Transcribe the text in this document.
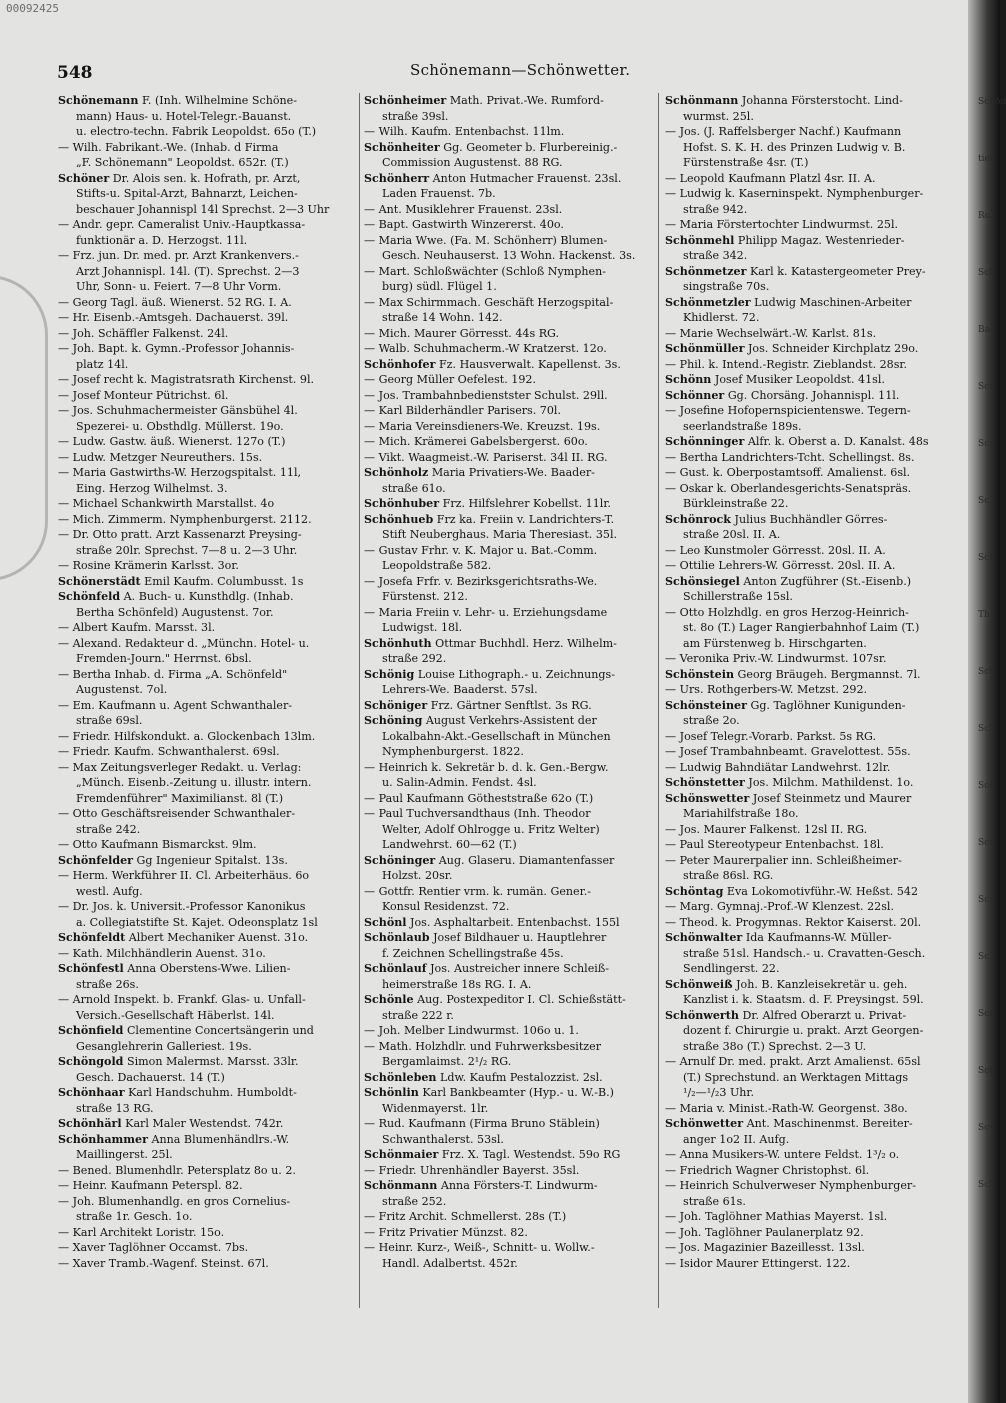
00092425
548	Schönemann—Schönwetter.
Schönemann F. (Inh. Wilhelmine Schöne-
mann) Haus- u. Hotel-Telegr.-Bauanst.
u. electro-techn. Fabrik Leopoldst. 65o (T.)
— Wilh. Fabrikant.-We. (Inhab. d Firma
„F. Schönemann" Leopoldst. 652r. (T.)
Schöner Dr. Alois sen. k. Hofrath, pr. Arzt,
Stifts-u. Spital-Arzt, Bahnarzt, Leichen-
beschauer Johannispl 14l Sprechst. 2—3 Uhr
— Andr. gepr. Cameralist Univ.-Hauptkassa-
funktionär a. D. Herzogst. 11l.
— Frz. jun. Dr. med. pr. Arzt Krankenvers.-
Arzt Johannispl. 14l. (T). Sprechst. 2—3
Uhr, Sonn- u. Feiert. 7—8 Uhr Vorm.
— Georg Tagl. äuß. Wienerst. 52 RG. I. A.
— Hr. Eisenb.-Amtsgeh. Dachauerst. 39l.
— Joh. Schäffler Falkenst. 24l.
— Joh. Bapt. k. Gymn.-Professor Johannis-
platz 14l.
— Josef recht k. Magistratsrath Kirchenst. 9l.
— Josef Monteur Pütrichst. 6l.
— Jos. Schuhmachermeister Gänsbühel 4l.
Spezerei- u. Obsthdlg. Müllerst. 19o.
— Ludw. Gastw. äuß. Wienerst. 127o (T.)
— Ludw. Metzger Neureuthers. 15s.
— Maria Gastwirths-W. Herzogspitalst. 11l,
Eing. Herzog Wilhelmst. 3.
— Michael Schankwirth Marstallst. 4o
— Mich. Zimmerm. Nymphenburgerst. 2112.
— Dr. Otto pratt. Arzt Kassenarzt Preysing-
straße 20lr. Sprechst. 7—8 u. 2—3 Uhr.
— Rosine Krämerin Karlsst. 3or.
Schönerstädt Emil Kaufm. Columbusst. 1s
Schönfeld A. Buch- u. Kunsthdlg. (Inhab.
Bertha Schönfeld) Augustenst. 7or.
— Albert Kaufm. Marsst. 3l.
— Alexand. Redakteur d. „Münchn. Hotel- u.
Fremden-Journ." Herrnst. 6bsl.
— Bertha Inhab. d. Firma „A. Schönfeld"
Augustenst. 7ol.
— Em. Kaufmann u. Agent Schwanthaler-
straße 69sl.
— Friedr. Hilfskondukt. a. Glockenbach 13lm.
— Friedr. Kaufm. Schwanthalerst. 69sl.
— Max Zeitungsverleger Redakt. u. Verlag:
„Münch. Eisenb.-Zeitung u. illustr. intern.
Fremdenführer" Maximilianst. 8l (T.)
— Otto Geschäftsreisender Schwanthaler-
straße 242.
— Otto Kaufmann Bismarckst. 9lm.
Schönfelder Gg Ingenieur Spitalst. 13s.
— Herm. Werkführer II. Cl. Arbeiterhäus. 6o
westl. Aufg.
— Dr. Jos. k. Universit.-Professor Kanonikus
a. Collegiatstifte St. Kajet. Odeonsplatz 1sl
Schönfeldt Albert Mechaniker Auenst. 31o.
— Kath. Milchhändlerin Auenst. 31o.
Schönfestl Anna Oberstens-Wwe. Lilien-
straße 26s.
— Arnold Inspekt. b. Frankf. Glas- u. Unfall-
Versich.-Gesellschaft Häberlst. 14l.
Schönfield Clementine Concertsängerin und
Gesanglehrerin Galleriest. 19s.
Schöngold Simon Malermst. Marsst. 33lr.
Gesch. Dachauerst. 14 (T.)
Schönhaar Karl Handschuhm. Humboldt-
straße 13 RG.
Schönhärl Karl Maler Westendst. 742r.
Schönhammer Anna Blumenhändlrs.-W.
Maillingerst. 25l.
— Bened. Blumenhdlr. Petersplatz 8o u. 2.
— Heinr. Kaufmann Peterspl. 82.
— Joh. Blumenhandlg. en gros Cornelius-
straße 1r. Gesch. 1o.
— Karl Architekt Loristr. 15o.
— Xaver Taglöhner Occamst. 7bs.
— Xaver Tramb.-Wagenf. Steinst. 67l.
Schönheimer Math. Privat.-We. Rumford-
straße 39sl.
— Wilh. Kaufm. Entenbachst. 11lm.
Schönheiter Gg. Geometer b. Flurbereinig.-
Commission Augustenst. 88 RG.
Schönherr Anton Hutmacher Frauenst. 23sl.
Laden Frauenst. 7b.
— Ant. Musiklehrer Frauenst. 23sl.
— Bapt. Gastwirth Winzererst. 40o.
— Maria Wwe. (Fa. M. Schönherr) Blumen-
Gesch. Neuhauserst. 13 Wohn. Hackenst. 3s.
— Mart. Schloßwächter (Schloß Nymphen-
burg) südl. Flügel 1.
— Max Schirmmach. Geschäft Herzogspital-
straße 14 Wohn. 142.
— Mich. Maurer Görresst. 44s RG.
— Walb. Schuhmacherm.-W Kratzerst. 12o.
Schönhofer Fz. Hausverwalt. Kapellenst. 3s.
— Georg Müller Oefelest. 192.
— Jos. Trambahnbedienstster Schulst. 29ll.
— Karl Bilderhändler Parisers. 70l.
— Maria Vereinsdieners-We. Kreuzst. 19s.
— Mich. Krämerei Gabelsbergerst. 60o.
— Vikt. Waagmeist.-W. Pariserst. 34l II. RG.
Schönholz Maria Privatiers-We. Baader-
straße 61o.
Schönhuber Frz. Hilfslehrer Kobellst. 11lr.
Schönhueb Frz ka. Freiin v. Landrichters-T.
Stift Neuberghaus. Maria Theresiast. 35l.
— Gustav Frhr. v. K. Major u. Bat.-Comm.
Leopoldstraße 582.
— Josefa Frfr. v. Bezirksgerichtsraths-We.
Fürstenst. 212.
— Maria Freiin v. Lehr- u. Erziehungsdame
Ludwigst. 18l.
Schönhuth Ottmar Buchhdl. Herz. Wilhelm-
straße 292.
Schönig Louise Lithograph.- u. Zeichnungs-
Lehrers-We. Baaderst. 57sl.
Schöniger Frz. Gärtner Senftlst. 3s RG.
Schöning August Verkehrs-Assistent der
Lokalbahn-Akt.-Gesellschaft in München
Nymphenburgerst. 1822.
— Heinrich k. Sekretär b. d. k. Gen.-Bergw.
u. Salin-Admin. Fendst. 4sl.
— Paul Kaufmann Götheststraße 62o (T.)
— Paul Tuchversandthaus (Inh. Theodor
Welter, Adolf Ohlrogge u. Fritz Welter)
Landwehrst. 60—62 (T.)
Schöninger Aug. Glaseru. Diamantenfasser
Holzst. 20sr.
— Gottfr. Rentier vrm. k. rumän. Gener.-
Konsul Residenzst. 72.
Schönl Jos. Asphaltarbeit. Entenbachst. 155l
Schönlaub Josef Bildhauer u. Hauptlehrer
f. Zeichnen Schellingstraße 45s.
Schönlauf Jos. Austreicher innere Schleiß-
heimerstraße 18s RG. I. A.
Schönle Aug. Postexpeditor I. Cl. Schießstätt-
straße 222 r.
— Joh. Melber Lindwurmst. 106o u. 1.
— Math. Holzhdlr. und Fuhrwerksbesitzer
Bergamlaimst. 2¹/₂ RG.
Schönleben Ldw. Kaufm Pestalozzist. 2sl.
Schönlin Karl Bankbeamter (Hyp.- u. W.-B.)
Widenmayerst. 1lr.
— Rud. Kaufmann (Firma Bruno Stäblein)
Schwanthalerst. 53sl.
Schönmaier Frz. X. Tagl. Westendst. 59o RG
— Friedr. Uhrenhändler Bayerst. 35sl.
Schönmann Anna Försters-T. Lindwurm-
straße 252.
— Fritz Archit. Schmellerst. 28s (T.)
— Fritz Privatier Münzst. 82.
— Heinr. Kurz-, Weiß-, Schnitt- u. Wollw.-
Handl. Adalbertst. 452r.
Schönmann Johanna Försterstocht. Lind-
wurmst. 25l.
— Jos. (J. Raffelsberger Nachf.) Kaufmann
Hofst. S. K. H. des Prinzen Ludwig v. B.
Fürstenstraße 4sr. (T.)
— Leopold Kaufmann Platzl 4sr. II. A.
— Ludwig k. Kaserninspekt. Nymphenburger-
straße 942.
— Maria Förstertochter Lindwurmst. 25l.
Schönmehl Philipp Magaz. Westenrieder-
straße 342.
Schönmetzer Karl k. Katastergeometer Prey-
singstraße 70s.
Schönmetzler Ludwig Maschinen-Arbeiter
Khidlerst. 72.
— Marie Wechselwärt.-W. Karlst. 81s.
Schönmüller Jos. Schneider Kirchplatz 29o.
— Phil. k. Intend.-Registr. Zieblandst. 28sr.
Schönn Josef Musiker Leopoldst. 41sl.
Schönner Gg. Chorsäng. Johannispl. 11l.
— Josefine Hofopernspicientenswe. Tegern-
seerlandstraße 189s.
Schönninger Alfr. k. Oberst a. D. Kanalst. 48s
— Bertha Landrichters-Tcht. Schellingst. 8s.
— Gust. k. Oberpostamtsoff. Amalienst. 6sl.
— Oskar k. Oberlandesgerichts-Senatspräs.
Bürkleinstraße 22.
Schönrock Julius Buchhändler Görres-
straße 20sl. II. A.
— Leo Kunstmoler Görresst. 20sl. II. A.
— Ottilie Lehrers-W. Görresst. 20sl. II. A.
Schönsiegel Anton Zugführer (St.-Eisenb.)
Schillerstraße 15sl.
— Otto Holzhdlg. en gros Herzog-Heinrich-
st. 8o (T.) Lager Rangierbahnhof Laim (T.)
am Fürstenweg b. Hirschgarten.
— Veronika Priv.-W. Lindwurmst. 107sr.
Schönstein Georg Bräugeh. Bergmannst. 7l.
— Urs. Rothgerbers-W. Metzst. 292.
Schönsteiner Gg. Taglöhner Kunigunden-
straße 2o.
— Josef Telegr.-Vorarb. Parkst. 5s RG.
— Josef Trambahnbeamt. Gravelottest. 55s.
— Ludwig Bahndiätar Landwehrst. 12lr.
Schönstetter Jos. Milchm. Mathildenst. 1o.
Schönswetter Josef Steinmetz und Maurer
Mariahilfstraße 18o.
— Jos. Maurer Falkenst. 12sl II. RG.
— Paul Stereotypeur Entenbachst. 18l.
— Peter Maurerpalier inn. Schleißheimer-
straße 86sl. RG.
Schöntag Eva Lokomotivführ.-W. Heßst. 542
— Marg. Gymnaj.-Prof.-W Klenzest. 22sl.
— Theod. k. Progymnas. Rektor Kaiserst. 20l.
Schönwalter Ida Kaufmanns-W. Müller-
straße 51sl. Handsch.- u. Cravatten-Gesch.
Sendlingerst. 22.
Schönweiß Joh. B. Kanzleisekretär u. geh.
Kanzlist i. k. Staatsm. d. F. Preysingst. 59l.
Schönwerth Dr. Alfred Oberarzt u. Privat-
dozent f. Chirurgie u. prakt. Arzt Georgen-
straße 38o (T.) Sprechst. 2—3 U.
— Arnulf Dr. med. prakt. Arzt Amalienst. 65sl
(T.) Sprechstund. an Werktagen Mittags
¹/₂—¹/₂3 Uhr.
— Maria v. Minist.-Rath-W. Georgenst. 38o.
Schönwetter Ant. Maschinenmst. Bereiter-
anger 1o2 II. Aufg.
— Anna Musikers-W. untere Feldst. 1³/₂ o.
— Friedrich Wagner Christophst. 6l.
— Heinrich Schulverweser Nymphenburger-
straße 61s.
— Joh. Taglöhner Mathias Mayerst. 1sl.
— Joh. Taglöhner Paulanerplatz 92.
— Jos. Magazinier Bazeillesst. 13sl.
— Isidor Maurer Ettingerst. 122.
Schön
tief
Ro
Sch
Ba
Sch
Sch
Sc
Sch
Th
Sch
Sch
Sch
Sch
Sch
Sc
Sch
Sch
Sc
Sch
